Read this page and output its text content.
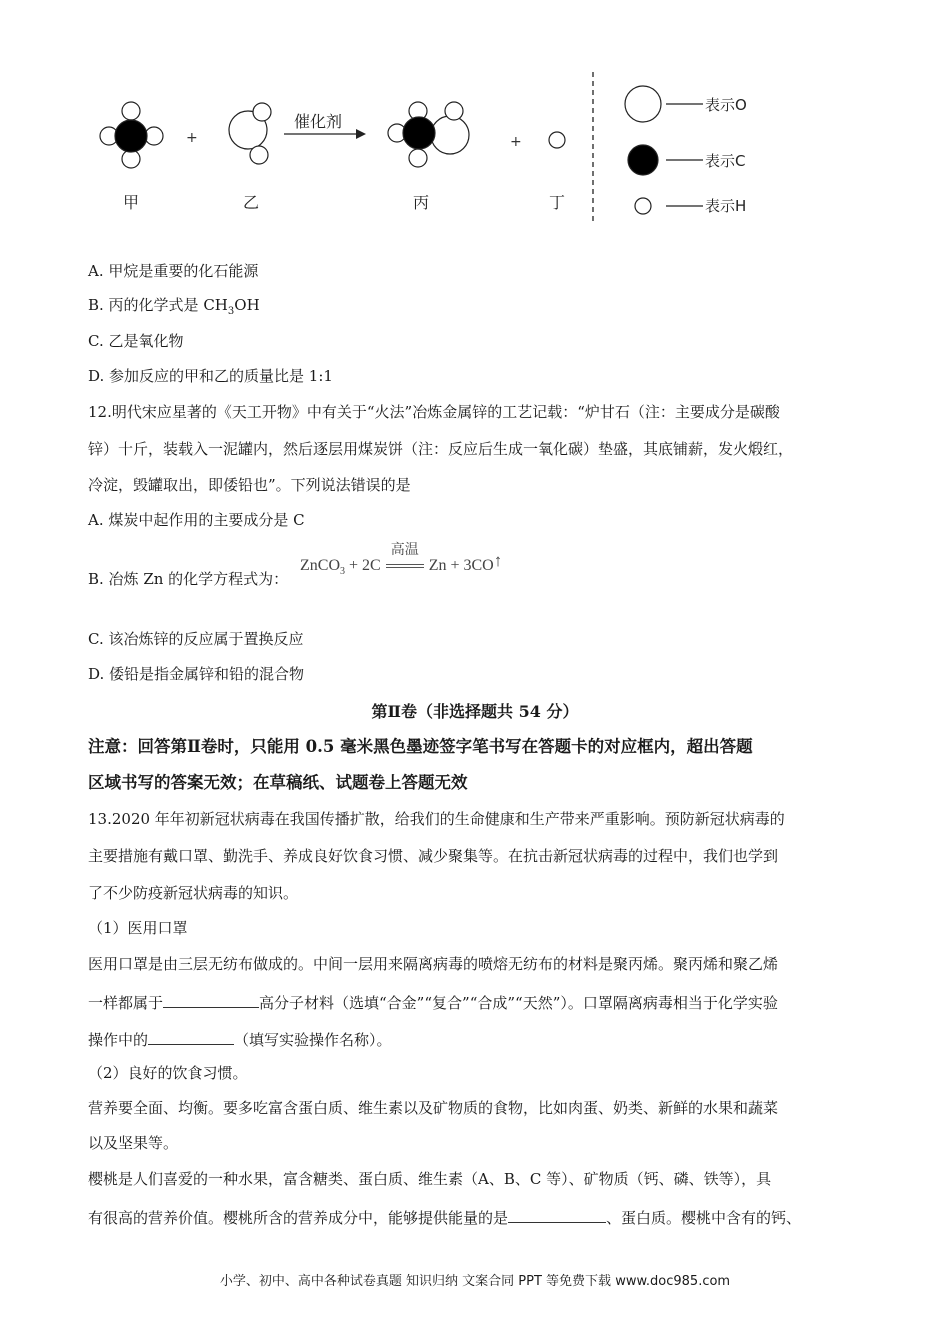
+
催化剂
+
甲	乙	丙	丁
表示O
表示C
表示H
A. 甲烷是重要的化石能源
B. 丙的化学式是 $CH_3OH$
C. 乙是氧化物
D. 参加反应的甲和乙的质量比是 1:1
12.明代宋应星著的《天工开物》中有关于“火法”冶炼金属锌的工艺记载：“炉甘石（注：主要成分是碳酸
锌）十斤，装载入一泥罐内，然后逐层用煤炭饼（注：反应后生成一氧化碳）垫盛，其底铺薪，发火煅红，
冷淀，毁罐取出，即倭铅也”。下列说法错误的是
A. 煤炭中起作用的主要成分是 C
B. 冶炼 Zn 的化学方程式为：
ZnCO$_3$ + 2C
高温
Zn + 3CO↑
C. 该冶炼锌的反应属于置换反应
D. 倭铅是指金属锌和铅的混合物
第Ⅱ卷（非选择题共 54 分）
注意：回答第Ⅱ卷时，只能用 0.5 毫米黑色墨迹签字笔书写在答题卡的对应框内，超出答题
区域书写的答案无效；在草稿纸、试题卷上答题无效
13.2020 年年初新冠状病毒在我国传播扩散，给我们的生命健康和生产带来严重影响。预防新冠状病毒的
主要措施有戴口罩、勤洗手、养成良好饮食习惯、减少聚集等。在抗击新冠状病毒的过程中，我们也学到
了不少防疫新冠状病毒的知识。
（1）医用口罩
医用口罩是由三层无纺布做成的。中间一层用来隔离病毒的喷熔无纺布的材料是聚丙烯。聚丙烯和聚乙烯
一样都属于	高分子材料（选填“合金”“复合”“合成”“天然”）。口罩隔离病毒相当于化学实验
操作中的	（填写实验操作名称）。
（2）良好的饮食习惯。
营养要全面、均衡。要多吃富含蛋白质、维生素以及矿物质的食物，比如肉蛋、奶类、新鲜的水果和蔬菜
以及坚果等。
樱桃是人们喜爱的一种水果，富含糖类、蛋白质、维生素（A、B、C 等）、矿物质（钙、磷、铁等），具
有很高的营养价值。樱桃所含的营养成分中，能够提供能量的是	、蛋白质。樱桃中含有的钙、
小学、初中、高中各种试卷真题 知识归纳 文案合同 PPT 等免费下载 www.doc985.com
